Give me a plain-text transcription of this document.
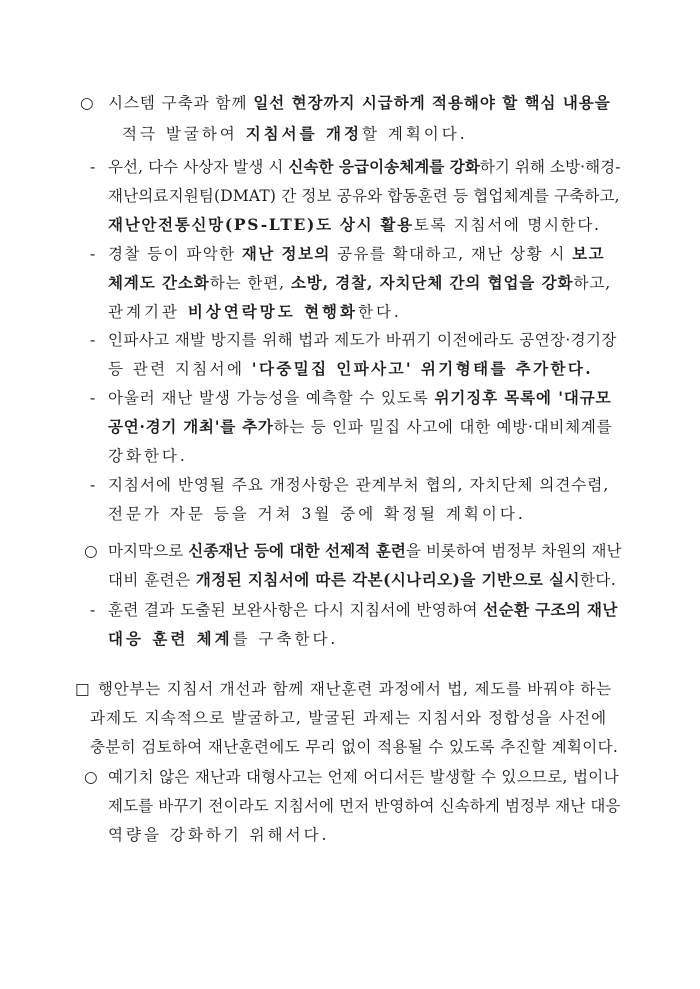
○ 시스템 구축과 함께 일선 현장까지 시급하게 적용해야 할 핵심 내용을
적극 발굴하여 지침서를 개정할 계획이다.
- 우선, 다수 사상자 발생 시 신속한 응급이송체계를 강화하기 위해 소방·해경-
재난의료지원팀(DMAT) 간 정보 공유와 합동훈련 등 협업체계를 구축하고,
재난안전통신망(PS-LTE)도 상시 활용토록 지침서에 명시한다.
- 경찰 등이 파악한 재난 정보의 공유를 확대하고, 재난 상황 시 보고
체계도 간소화하는 한편, 소방, 경찰, 자치단체 간의 협업을 강화하고,
관계기관 비상연락망도 현행화한다.
- 인파사고 재발 방지를 위해 법과 제도가 바뀌기 이전에라도 공연장·경기장
등 관련 지침서에 '다중밀집 인파사고' 위기형태를 추가한다.
- 아울러 재난 발생 가능성을 예측할 수 있도록 위기징후 목록에 '대규모
공연·경기 개최'를 추가하는 등 인파 밀집 사고에 대한 예방·대비체계를
강화한다.
- 지침서에 반영될 주요 개정사항은 관계부처 협의, 자치단체 의견수렴,
전문가 자문 등을 거쳐 3월 중에 확정될 계획이다.
○ 마지막으로 신종재난 등에 대한 선제적 훈련을 비롯하여 범정부 차원의 재난
대비 훈련은 개정된 지침서에 따른 각본(시나리오)을 기반으로 실시한다.
- 훈련 결과 도출된 보완사항은 다시 지침서에 반영하여 선순환 구조의 재난
대응 훈련 체계를 구축한다.
□ 행안부는 지침서 개선과 함께 재난훈련 과정에서 법, 제도를 바꿔야 하는
과제도 지속적으로 발굴하고, 발굴된 과제는 지침서와 정합성을 사전에
충분히 검토하여 재난훈련에도 무리 없이 적용될 수 있도록 추진할 계획이다.
○ 예기치 않은 재난과 대형사고는 언제 어디서든 발생할 수 있으므로, 법이나
제도를 바꾸기 전이라도 지침서에 먼저 반영하여 신속하게 범정부 재난 대응
역량을 강화하기 위해서다.
